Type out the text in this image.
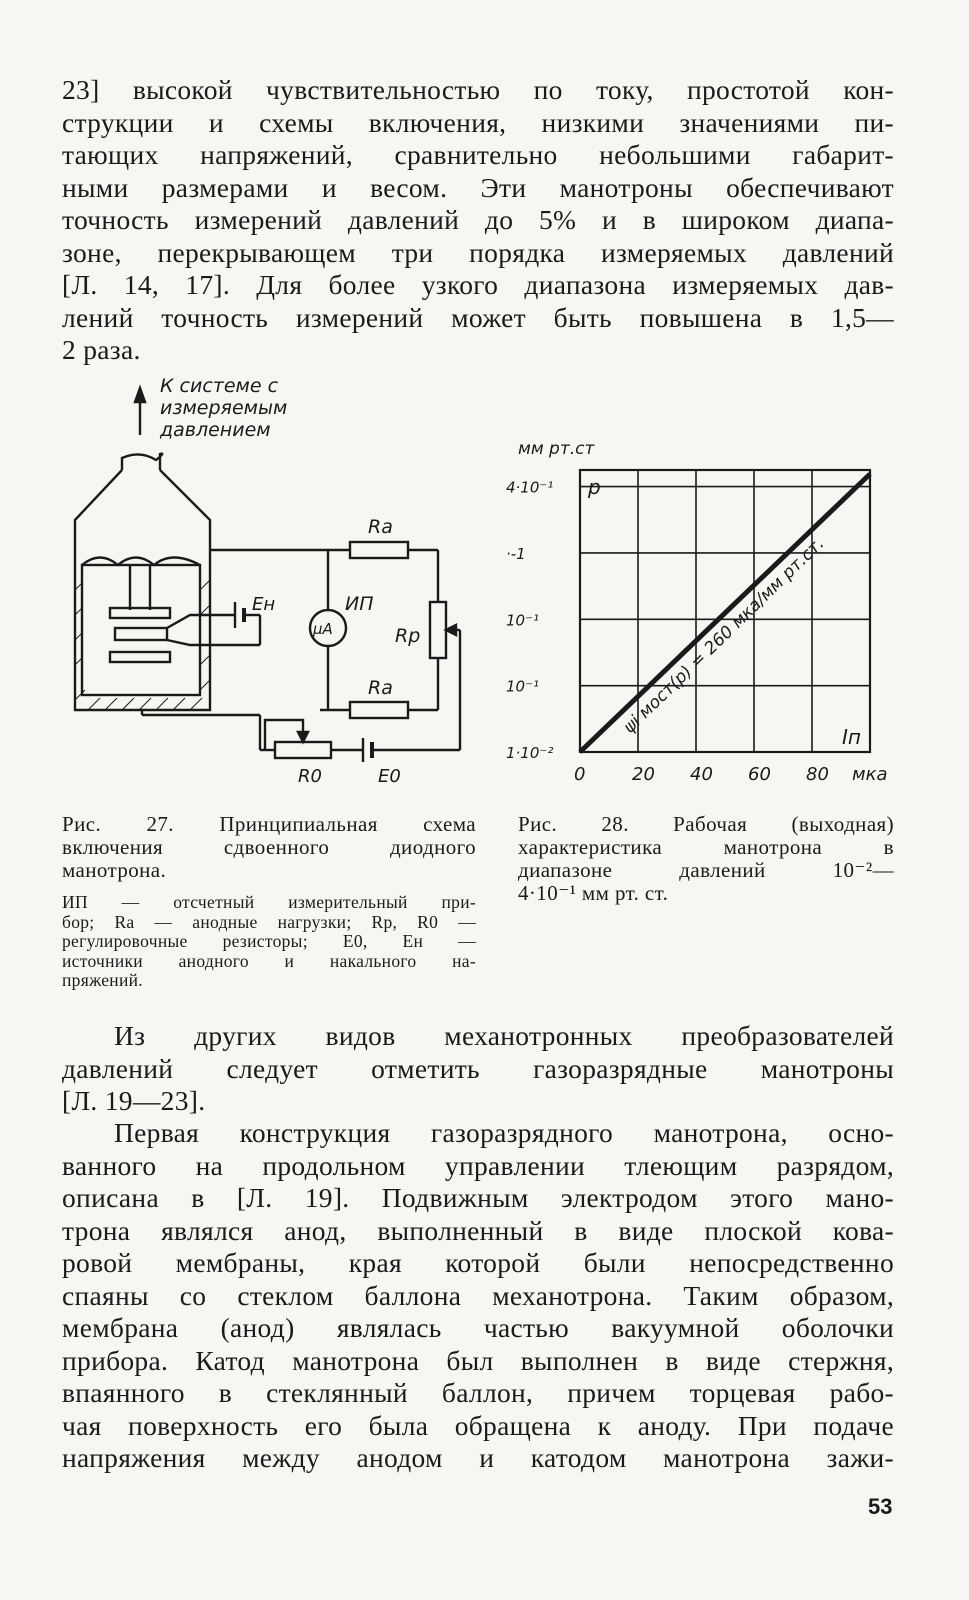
23] высокой чувствительностью по току, простотой кон-
струкции и схемы включения, низкими значениями пи-
тающих напряжений, сравнительно небольшими габарит-
ными размерами и весом. Эти манотроны обеспечивают
точность измерений давлений до 5% и в широком диапа-
зоне, перекрывающем три порядка измеряемых давлений
[Л. 14, 17]. Для более узкого диапазона измеряемых дав-
лений точность измерений может быть повышена в 1,5—
2 раза.
К системе с
измеряемым
давлением
Ra
ИП
μA	Rp
Eн
Ra
R0	E0
мм рт.ст
p
Iп
мка
0	20 40 60 80
1·10⁻²
10⁻¹
10⁻¹
·-1
4·10⁻¹
ψi мост(p) = 260 мка/мм рт.ст.
Рис. 27. Принципиальная схема
включения сдвоенного диодного
манотрона.
ИП — отсчетный измерительный при-
бор; Ra — анодные нагрузки; Rp, R0 —
регулировочные резисторы; E0, Eн —
источники анодного и накального на-
пряжений.
Рис. 28. Рабочая (выходная)
характеристика манотрона в
диапазоне давлений 10⁻²—
4·10⁻¹ мм рт. ст.
Из других видов механотронных преобразователей
давлений следует отметить газоразрядные манотроны
[Л. 19—23].
Первая конструкция газоразрядного манотрона, осно-
ванного на продольном управлении тлеющим разрядом,
описана в [Л. 19]. Подвижным электродом этого мано-
трона являлся анод, выполненный в виде плоской кова-
ровой мембраны, края которой были непосредственно
спаяны со стеклом баллона механотрона. Таким образом,
мембрана (анод) являлась частью вакуумной оболочки
прибора. Катод манотрона был выполнен в виде стержня,
впаянного в стеклянный баллон, причем торцевая рабо-
чая поверхность его была обращена к аноду. При подаче
напряжения между анодом и катодом манотрона зажи-
53
